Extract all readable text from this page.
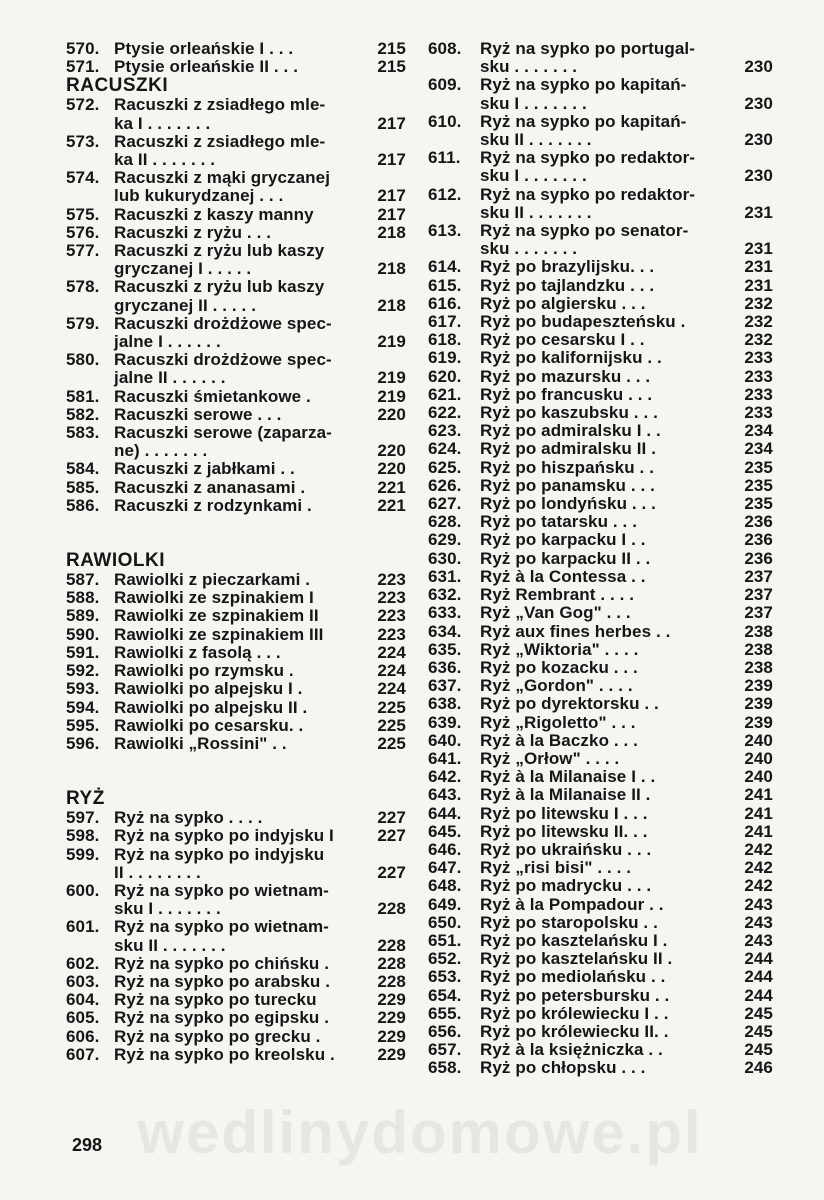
570. Ptysie orleańskie I . . .	215
571. Ptysie orleańskie II . . .	215
RACUSZKI
572. Racuszki z zsiadłego mle-
ka I . . . . . . .	217
573. Racuszki z zsiadłego mle-
ka II . . . . . . .	217
574. Racuszki z mąki gryczanej
lub kukurydzanej . . .	217
575. Racuszki z kaszy manny	217
576. Racuszki z ryżu . . .	218
577. Racuszki z ryżu lub kaszy
gryczanej I . . . . .	218
578. Racuszki z ryżu lub kaszy
gryczanej II . . . . .	218
579. Racuszki drożdżowe spec-
jalne I . . . . . .	219
580. Racuszki drożdżowe spec-
jalne II . . . . . .	219
581. Racuszki śmietankowe .	219
582. Racuszki serowe . . .	220
583. Racuszki serowe (zaparza-
ne) . . . . . . .	220
584. Racuszki z jabłkami . .	220
585. Racuszki z ananasami .	221
586. Racuszki z rodzynkami .	221
RAWIOLKI
587. Rawiolki z pieczarkami .	223
588. Rawiolki ze szpinakiem I	223
589. Rawiolki ze szpinakiem II	223
590. Rawiolki ze szpinakiem III	223
591. Rawiolki z fasolą . . .	224
592. Rawiolki po rzymsku .	224
593. Rawiolki po alpejsku I .	224
594. Rawiolki po alpejsku II .	225
595. Rawiolki po cesarsku. .	225
596. Rawiolki „Rossini" . .	225
RYŻ
597. Ryż na sypko . . . .	227
598. Ryż na sypko po indyjsku I	227
599. Ryż na sypko po indyjsku
II . . . . . . . .	227
600. Ryż na sypko po wietnam-
sku I . . . . . . .	228
601. Ryż na sypko po wietnam-
sku II . . . . . . .	228
602. Ryż na sypko po chińsku .	228
603. Ryż na sypko po arabsku .	228
604. Ryż na sypko po turecku	229
605. Ryż na sypko po egipsku .	229
606. Ryż na sypko po grecku .	229
607. Ryż na sypko po kreolsku .	229
608.	Ryż na sypko po portugal-
sku . . . . . . .	230
609.	Ryż na sypko po kapitań-
sku I . . . . . . .	230
610.	Ryż na sypko po kapitań-
sku II . . . . . . .	230
611.	Ryż na sypko po redaktor-
sku I . . . . . . .	230
612.	Ryż na sypko po redaktor-
sku II . . . . . . .	231
613.	Ryż na sypko po senator-
sku . . . . . . .	231
614.	Ryż po brazylijsku. . .	231
615.	Ryż po tajlandzku . . .	231
616.	Ryż po algiersku . . .	232
617.	Ryż po budapeszteńsku .	232
618.	Ryż po cesarsku I . .	232
619.	Ryż po kalifornijsku . .	233
620.	Ryż po mazursku . . .	233
621.	Ryż po francusku . . .	233
622.	Ryż po kaszubsku . . .	233
623.	Ryż po admiralsku I . .	234
624.	Ryż po admiralsku II .	234
625.	Ryż po hiszpańsku . .	235
626.	Ryż po panamsku . . .	235
627.	Ryż po londyńsku . . .	235
628.	Ryż po tatarsku . . .	236
629.	Ryż po karpacku I . .	236
630.	Ryż po karpacku II . .	236
631.	Ryż à la Contessa . .	237
632.	Ryż Rembrant . . . .	237
633.	Ryż „Van Gog" . . .	237
634.	Ryż aux fines herbes . .	238
635.	Ryż „Wiktoria" . . . .	238
636.	Ryż po kozacku . . .	238
637.	Ryż „Gordon" . . . .	239
638.	Ryż po dyrektorsku . .	239
639.	Ryż „Rigoletto" . . .	239
640.	Ryż à la Baczko . . .	240
641.	Ryż „Orłow" . . . .	240
642.	Ryż à la Milanaise I . .	240
643.	Ryż à la Milanaise II .	241
644.	Ryż po litewsku I . . .	241
645.	Ryż po litewsku II. . .	241
646.	Ryż po ukraińsku . . .	242
647.	Ryż „risi bisi" . . . .	242
648.	Ryż po madrycku . . .	242
649.	Ryż à la Pompadour . .	243
650.	Ryż po staropolsku . .	243
651.	Ryż po kasztelańsku I .	243
652.	Ryż po kasztelańsku II .	244
653.	Ryż po mediolańsku . .	244
654.	Ryż po petersbursku . .	244
655.	Ryż po królewiecku I . .	245
656.	Ryż po królewiecku II. .	245
657.	Ryż à la księżniczka . .	245
658.	Ryż po chłopsku . . .	246
wedlinydomowe.pl
298
